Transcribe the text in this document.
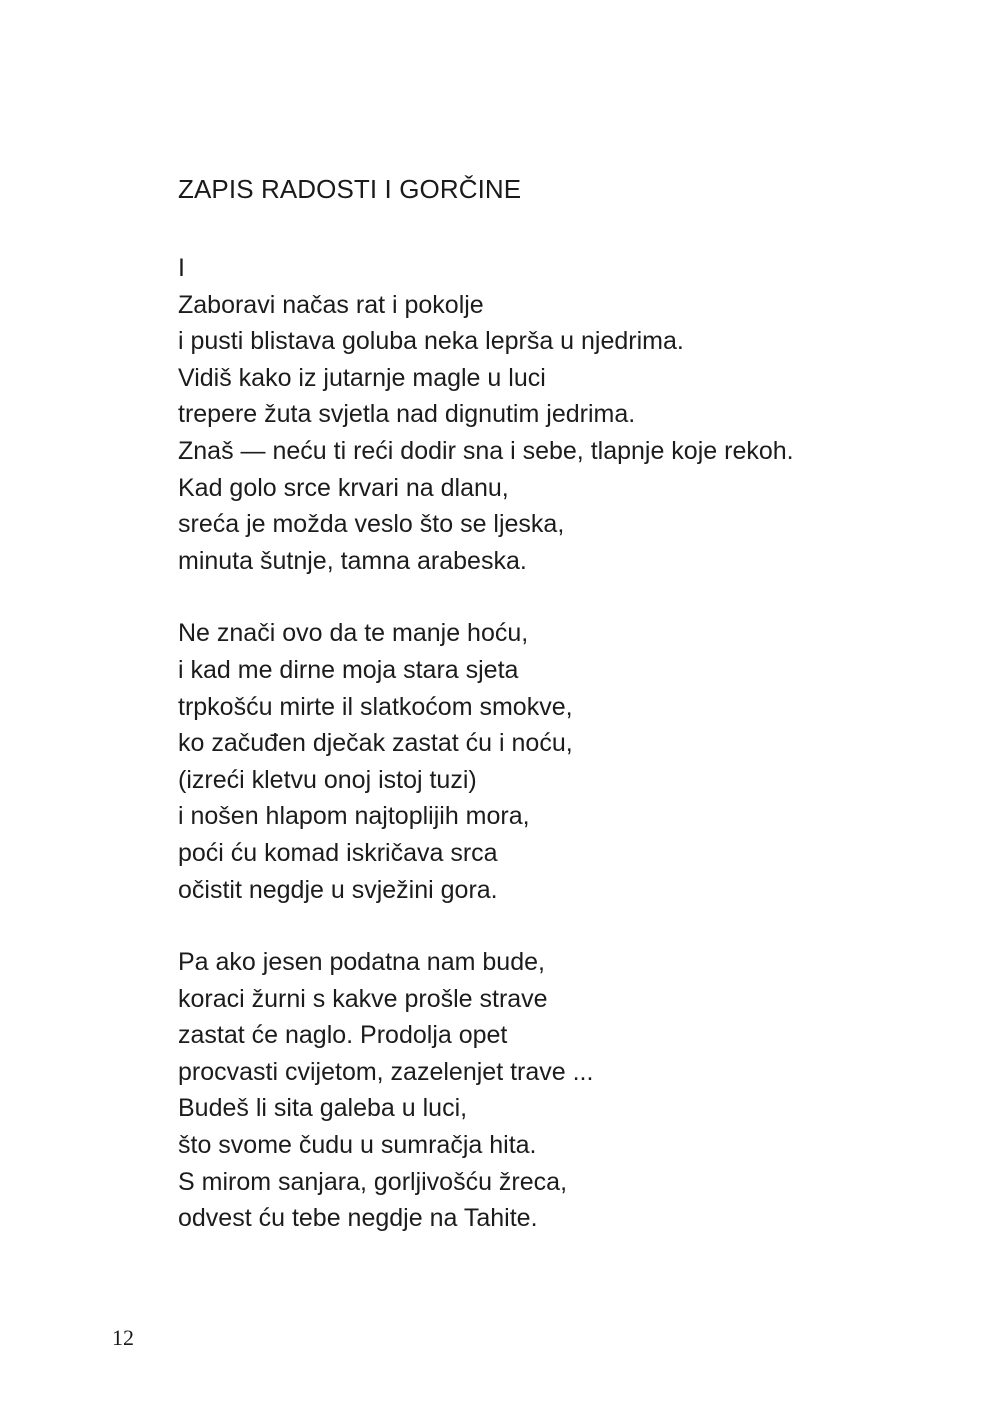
ZAPIS RADOSTI I GORČINE
I
Zaboravi načas rat i pokolje
i pusti blistava goluba neka leprša u njedrima.
Vidiš kako iz jutarnje magle u luci
trepere žuta svjetla nad dignutim jedrima.
Znaš — neću ti reći dodir sna i sebe, tlapnje koje rekoh.
Kad golo srce krvari na dlanu,
sreća je možda veslo što se ljeska,
minuta šutnje, tamna arabeska.
Ne znači ovo da te manje hoću,
i kad me dirne moja stara sjeta
trpkošću mirte il slatkoćom smokve,
ko začuđen dječak zastat ću i noću,
(izreći kletvu onoj istoj tuzi)
i nošen hlapom najtoplijih mora,
poći ću komad iskričava srca
očistit negdje u svježini gora.
Pa ako jesen podatna nam bude,
koraci žurni s kakve prošle strave
zastat će naglo. Prodolja opet
procvasti cvijetom, zazelenjet trave ...
Budeš li sita galeba u luci,
što svome čudu u sumračja hita.
S mirom sanjara, gorljivošću žreca,
odvest ću tebe negdje na Tahite.
12
